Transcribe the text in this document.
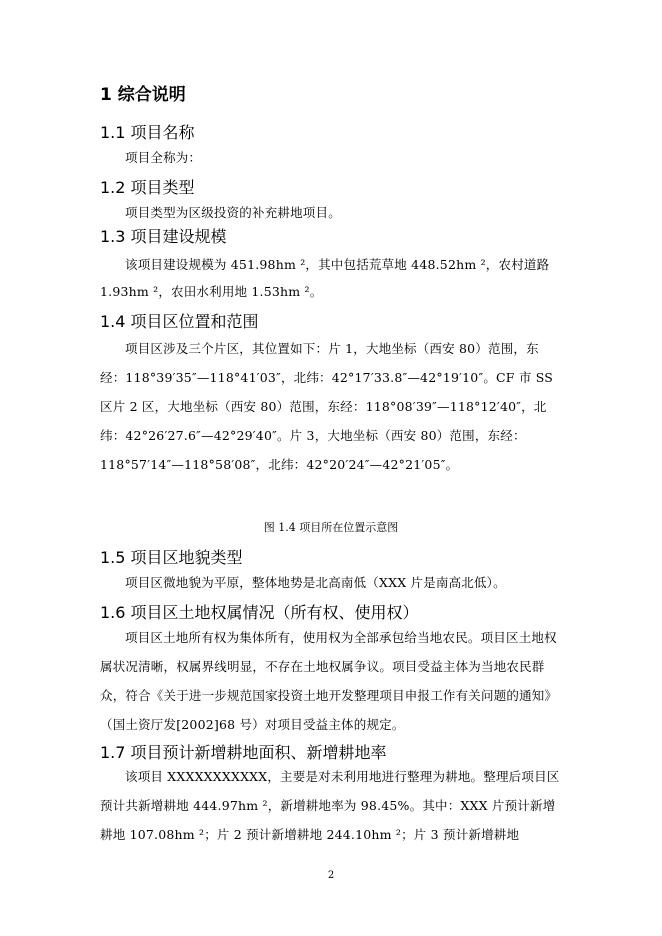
1 综合说明
1.1 项目名称

项目全称为：

1.2 项目类型

项目类型为区级投资的补充耕地项目。

1.3 项目建设规模

该项目建设规模为 451.98hm ²，其中包括荒草地 448.52hm ²，农村道路 1.93hm ²，农田水利用地 1.53hm ²。

1.4 项目区位置和范围

项目区涉及三个片区，其位置如下：片 1，大地坐标（西安 80）范围，东经：118°39′35″—118°41′03″，北纬：42°17′33.8″—42°19′10″。CF 市 SS 区片 2 区，大地坐标（西安 80）范围，东经：118°08′39″—118°12′40″，北纬：42°26′27.6″—42°29′40″。片 3，大地坐标（西安 80）范围，东经：118°57′14″—118°58′08″，北纬：42°20′24″—42°21′05″。

图 1.4 项目所在位置示意图
1.5 项目区地貌类型

项目区微地貌为平原，整体地势是北高南低（XXX 片是南高北低）。

1.6 项目区土地权属情况（所有权、使用权）

项目区土地所有权为集体所有，使用权为全部承包给当地农民。项目区土地权属状况清晰，权属界线明显，不存在土地权属争议。项目受益主体为当地农民群众，符合《关于进一步规范国家投资土地开发整理项目申报工作有关问题的通知》（国土资厅发[2002]68 号）对项目受益主体的规定。

1.7 项目预计新增耕地面积、新增耕地率

该项目 XXXXXXXXXXX，主要是对未利用地进行整理为耕地。整理后项目区预计共新增耕地 444.97hm ²，新增耕地率为 98.45%。其中：XXX 片预计新增耕地 107.08hm ²；片 2 预计新增耕地 244.10hm ²；片 3 预计新增耕地

2
